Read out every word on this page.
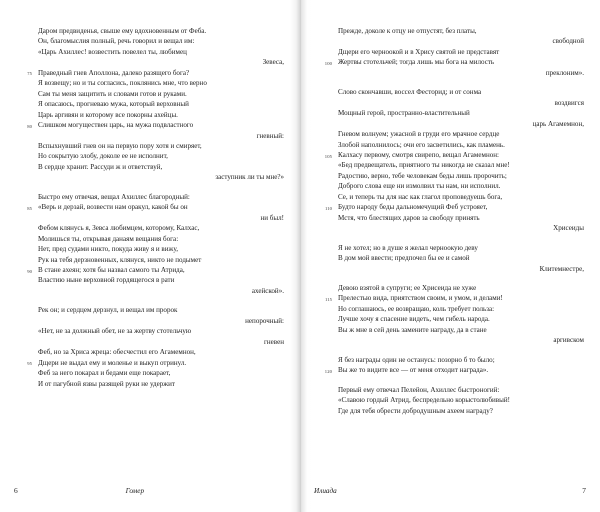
Даром предвиденья, свыше ему вдохновенным от Феба.
Он, благомыслия полный, речь говорил и вещал им:
«Царь Ахиллес! возвестить повелел ты, любимец
Зевеса,
75 Праведный гнев Аполлона, далеко разящего бога?
Я возвещу; но и ты согласись, поклянись мне, что верно
Сам ты меня защитить и словами готов и руками.
Я опасаюсь, прогневаю мужа, который верховный
Царь аргивян и которому все покорны ахейцы.
80 Слишком могуществен царь, на мужа подвластного
гневный:
Вспыхнувший гнев он на первую пору хотя и смиряет,
Но сокрытую злобу, доколе ее не исполнит,
В сердце хранит. Рассуди ж и ответствуй,
заступник ли ты мне?»
Быстро ему отвечая, вещал Ахиллес благородный:
85 «Верь и дерзай, возвести нам оракул, какой бы он
ни был!
Фебом клянусь я, Зевса любимцем, которому, Калхас,
Молишься ты, открывая данаям вещания бога:
Нет, пред судами никто, покуда живу я и вижу,
Рук на тебя дерзновенных, клянуся, никто не подымет
90 В стане ахеян; хотя бы назвал самого ты Атрида,
Властию ныне верховной гордящегося в рати
ахейской».
Рек он; и сердцем дерзнул, и вещал им пророк
непорочный:
«Нет, не за должный обет, не за жертву стотельчую
гневен
Феб, но за Хриса жреца: обесчестил его Агамемнон,
95 Дщери не выдал ему и моленье и выкуп отринул.
Феб за него покарал и бедами еще покарает,
И от пагубной язвы разящей руки не удержит
6	Гомер
Прежде, доколе к отцу не отпустят, без платы,
свободной
Дщери его черноокой и в Хрису святой не представят
100 Жертвы стотельчей; тогда лишь мы бога на милость
преклоним».
Слово скончавши, воссел Фесторид; и от сонма
воздвигся
Мощный герой, пространно-властительный
царь Агамемнон,
Гневом волнуем; ужасной в груди его мрачное сердце
Злобой наполнилось; очи его засветились, как пламень.
105 Калхасу первому, смотря свирепо, вещал Агамемнон:
«Бед предвещатель, приятного ты никогда не сказал мне!
Радостию, верно, тебе человекам беды лишь пророчить;
Доброго слова еще ни измолвил ты нам, ни исполнил.
Се, и теперь ты для нас как глагол проповедуешь бога,
110 Будто народу беды дальномечущий Феб устрояет,
Мстя, что блестящих даров за свободу принять
Хрисеиды
Я не хотел; но в душе я желал черноокую деву
В дом мой ввести; предпочел бы ее и самой
Клитемнестре,
Девою взятой в супруги; ее Хрисеида не хуже
115 Прелестью вида, приятством своим, и умом, и делами!
Но соглашаюсь, ее возвращаю, коль требует польза:
Лучше хочу я спасение видеть, чем гибель народа.
Вы ж мне в сей день замените награду, да в стане
аргивском
Я без награды один не останусь: позорно б то было;
120 Вы же то видите все — от меня отходит награда».
Первый ему отвечал Пелейон, Ахиллес быстроногий:
«Славою гордый Атрид, беспредельно корыстолюбивый!
Где для тебя обрести добродушным ахеем награду?
Илиада	7
